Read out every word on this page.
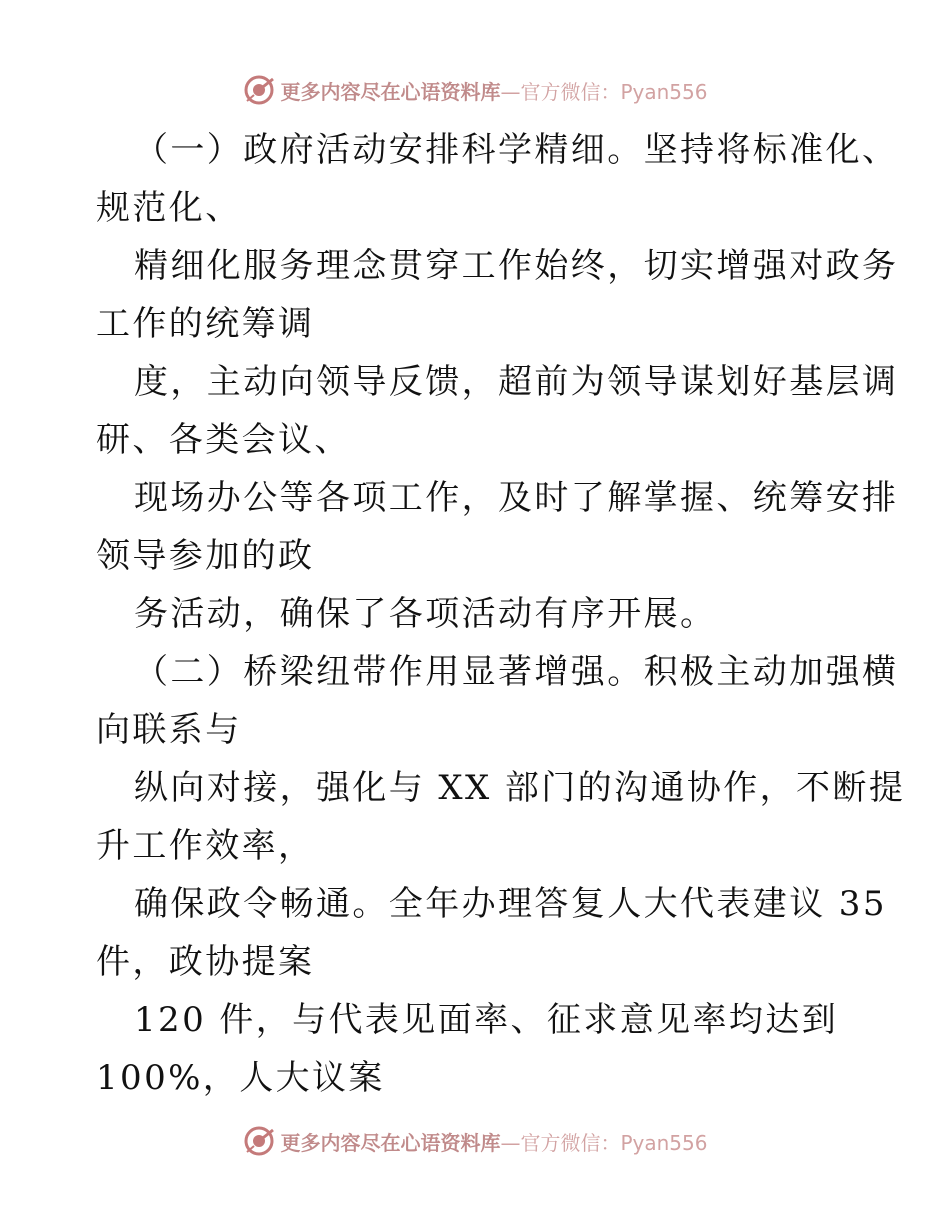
更多内容尽在心语资料库 —官方微信：Pyan556
（一）政府活动安排科学精细。坚持将标准化、
规范化、
精细化服务理念贯穿工作始终，切实增强对政务
工作的统筹调
度，主动向领导反馈，超前为领导谋划好基层调
研、各类会议、
现场办公等各项工作，及时了解掌握、统筹安排
领导参加的政
务活动，确保了各项活动有序开展。
（二）桥梁纽带作用显著增强。积极主动加强横
向联系与
纵向对接，强化与 XX 部门的沟通协作，不断提
升工作效率，
确保政令畅通。全年办理答复人大代表建议 35
件，政协提案
120 件，与代表见面率、征求意见率均达到
100%，人大议案
更多内容尽在心语资料库 —官方微信：Pyan556
